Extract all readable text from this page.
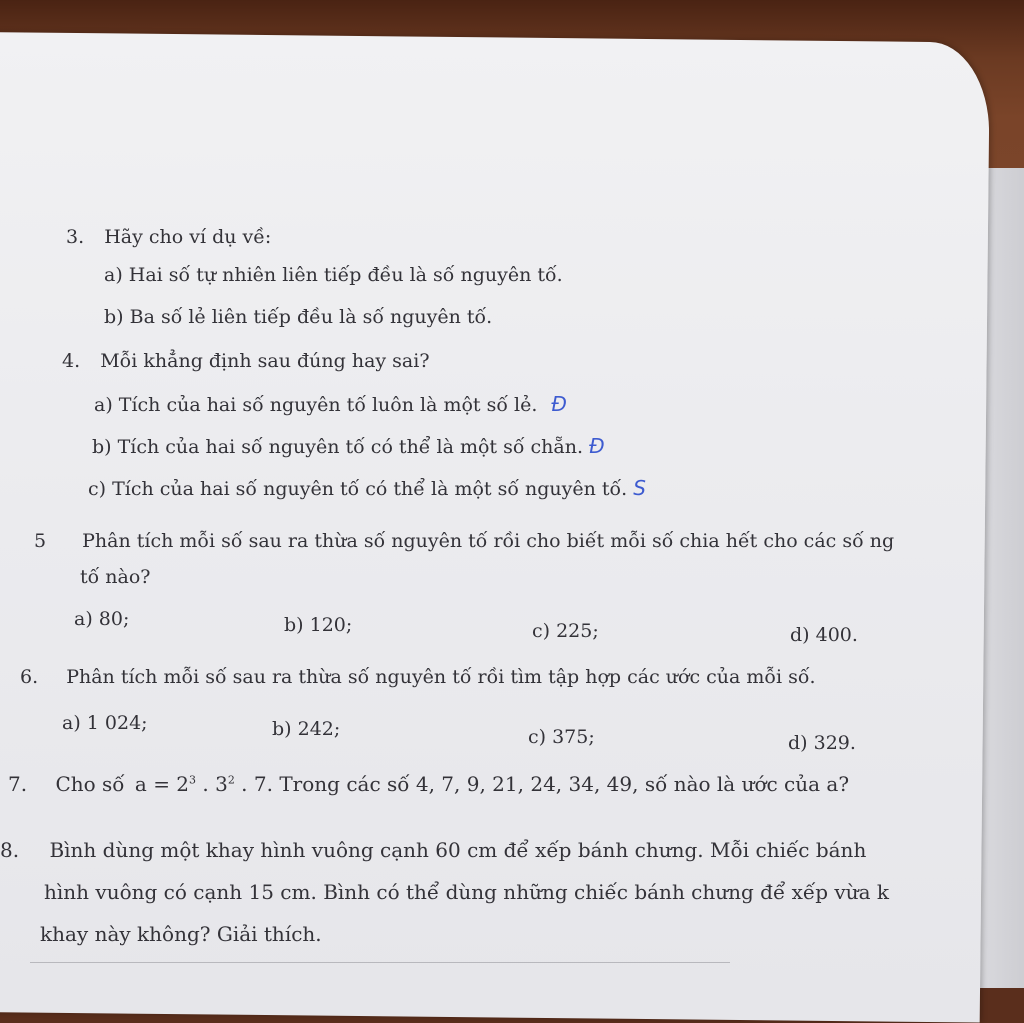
3. Hãy cho ví dụ về:
a) Hai số tự nhiên liên tiếp đều là số nguyên tố.
b) Ba số lẻ liên tiếp đều là số nguyên tố.
4. Mỗi khẳng định sau đúng hay sai?
a) Tích của hai số nguyên tố luôn là một số lẻ. Đ
b) Tích của hai số nguyên tố có thể là một số chẵn. Đ
c) Tích của hai số nguyên tố có thể là một số nguyên tố. S
5 Phân tích mỗi số sau ra thừa số nguyên tố rồi cho biết mỗi số chia hết cho các số ng
tố nào?
a) 80;	b) 120;	c) 225;	d) 400.
6. Phân tích mỗi số sau ra thừa số nguyên tố rồi tìm tập hợp các ước của mỗi số.
a) 1 024;	b) 242;	c) 375;	d) 329.
7. Cho số $a = 2^3$ . $3^2$ . 7. Trong các số 4, 7, 9, 21, 24, 34, 49, số nào là ước của a?
8. Bình dùng một khay hình vuông cạnh 60 cm để xếp bánh chưng. Mỗi chiếc bánh
hình vuông có cạnh 15 cm. Bình có thể dùng những chiếc bánh chưng để xếp vừa k
khay này không? Giải thích.
